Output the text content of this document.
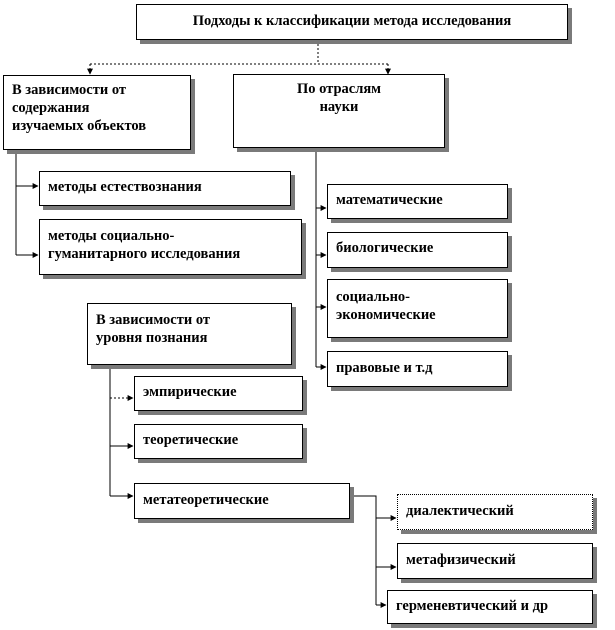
Подходы к классификации метода исследования
В зависимости от
содержания
изучаемых объектов
методы естествознания
методы социально-
гуманитарного исследования
По отраслям
науки
математические
биологические
социально-
экономические
правовые и т.д
В зависимости от
уровня познания
эмпирические
теоретические
метатеоретические
диалектический
метафизический
герменевтический и др
